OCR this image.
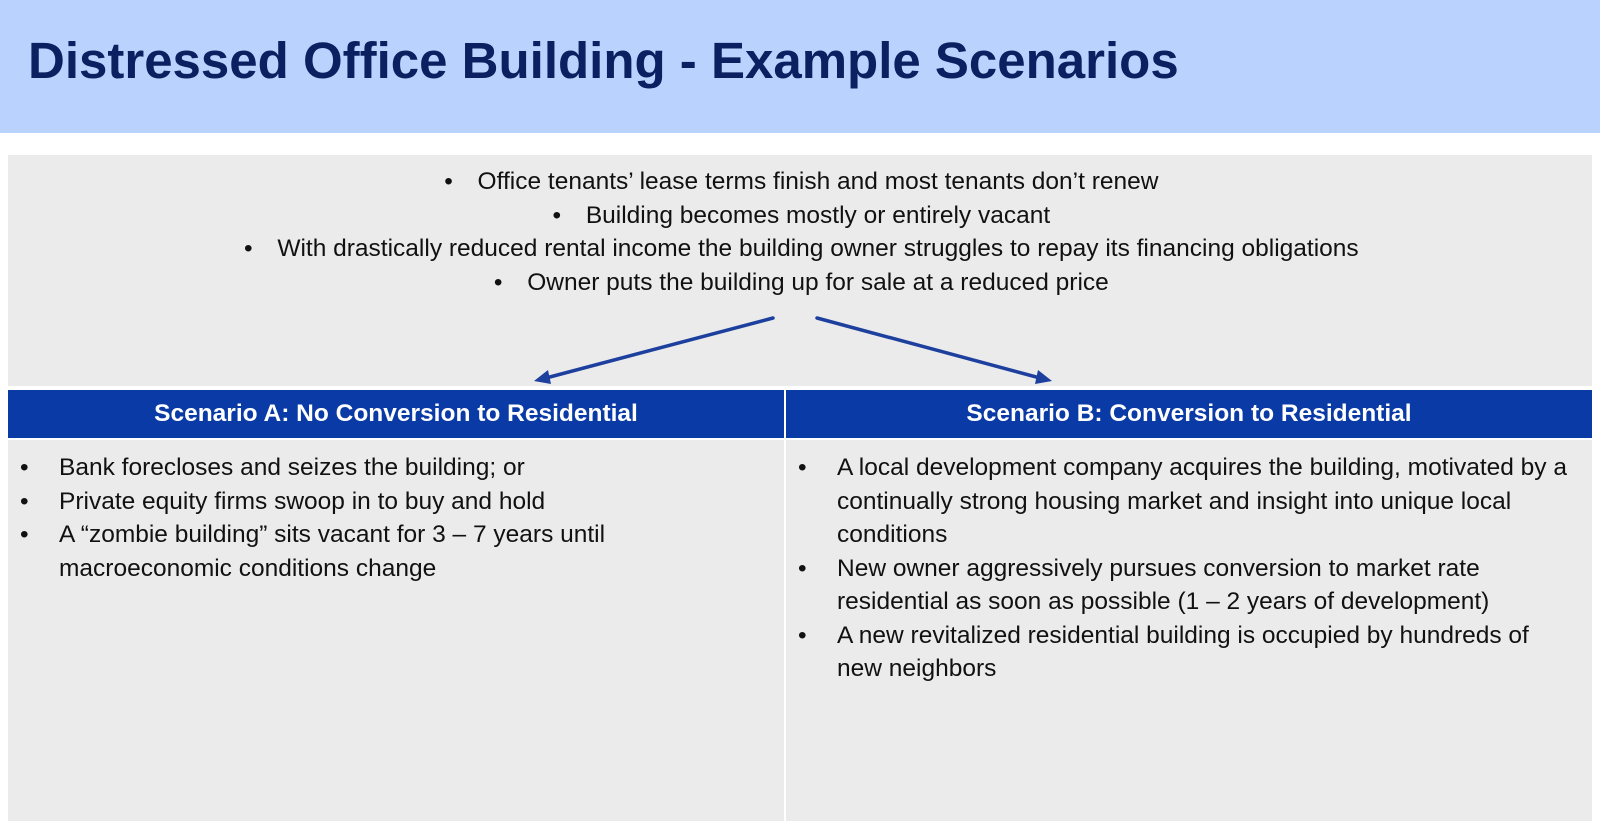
Distressed Office Building - Example Scenarios
• Office tenants’ lease terms finish and most tenants don’t renew
• Building becomes mostly or entirely vacant
• With drastically reduced rental income the building owner struggles to repay its financing obligations
• Owner puts the building up for sale at a reduced price
Scenario A: No Conversion to Residential	Scenario B: Conversion to Residential
• Bank forecloses and seizes the building; or
• Private equity firms swoop in to buy and hold
• A “zombie building” sits vacant for 3 – 7 years until macroeconomic conditions change
• A local development company acquires the building, motivated by a continually strong housing market and insight into unique local conditions
• New owner aggressively pursues conversion to market rate residential as soon as possible (1 – 2 years of development)
• A new revitalized residential building is occupied by hundreds of new neighbors
